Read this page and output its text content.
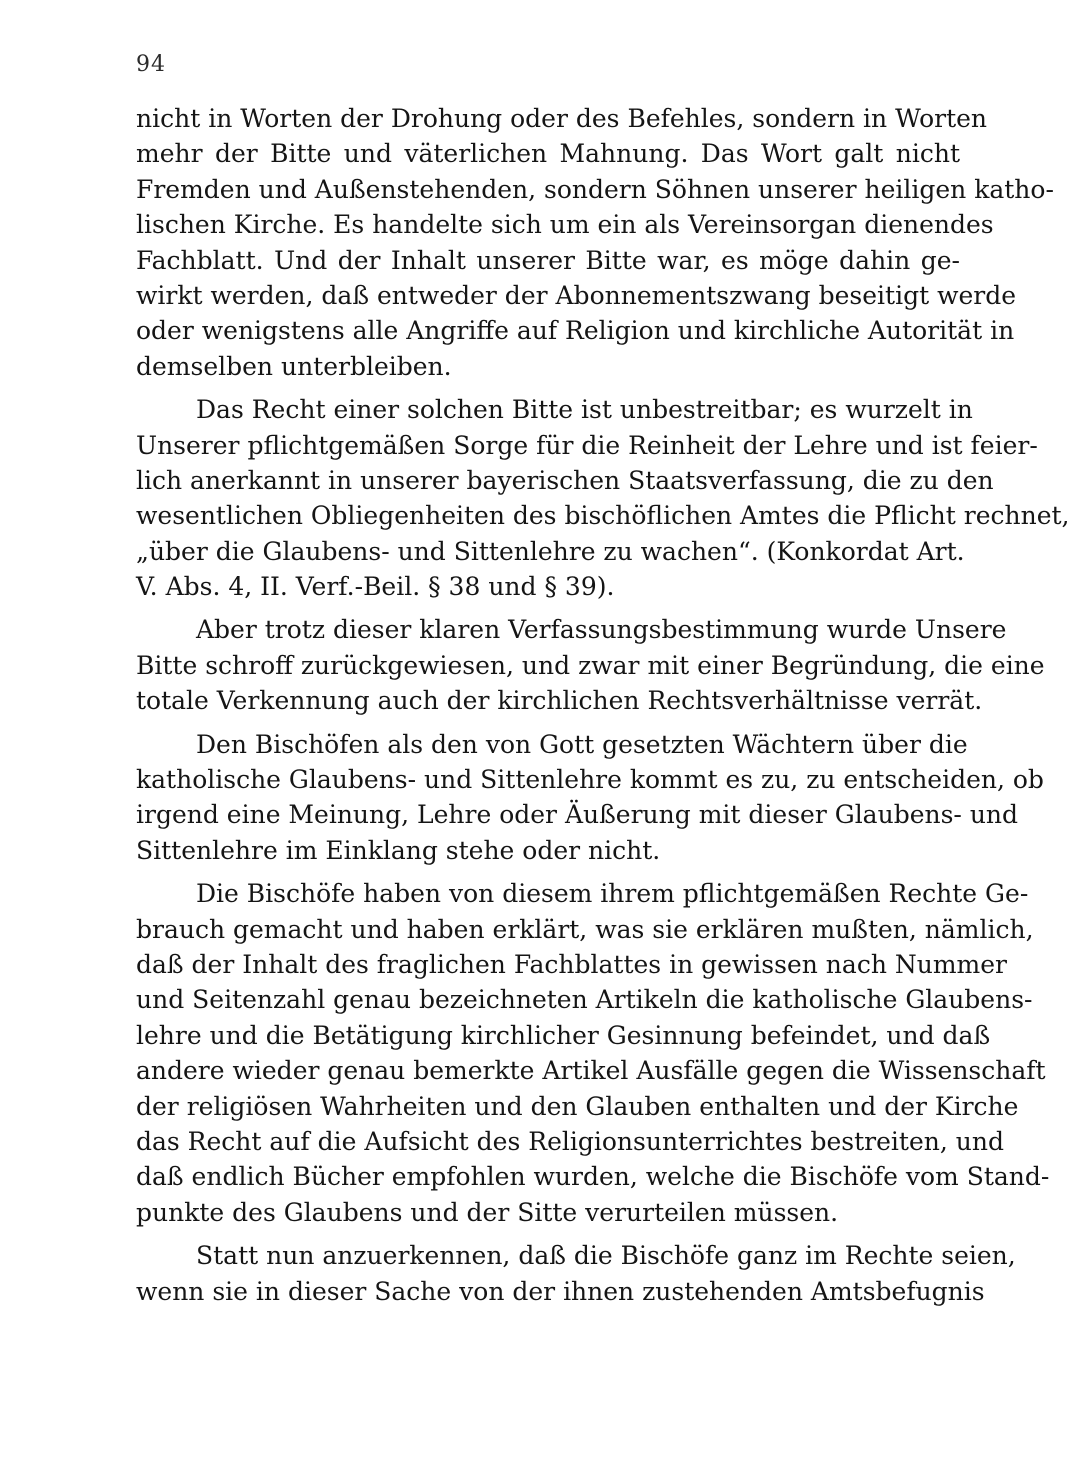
94
nicht in Worten der Drohung oder des Befehles, sondern in Worten
mehr der Bitte und väterlichen Mahnung. Das Wort galt nicht
Fremden und Außenstehenden, sondern Söhnen unserer heiligen katho-
lischen Kirche. Es handelte sich um ein als Vereinsorgan dienendes
Fachblatt. Und der Inhalt unserer Bitte war, es möge dahin ge-
wirkt werden, daß entweder der Abonnementszwang beseitigt werde
oder wenigstens alle Angriffe auf Religion und kirchliche Autorität in
demselben unterbleiben.
Das Recht einer solchen Bitte ist unbestreitbar; es wurzelt in
Unserer pflichtgemäßen Sorge für die Reinheit der Lehre und ist feier-
lich anerkannt in unserer bayerischen Staatsverfassung, die zu den
wesentlichen Obliegenheiten des bischöflichen Amtes die Pflicht rechnet,
„über die Glaubens- und Sittenlehre zu wachen“. (Konkordat Art.
V. Abs. 4, II. Verf.-Beil. § 38 und § 39).
Aber trotz dieser klaren Verfassungsbestimmung wurde Unsere
Bitte schroff zurückgewiesen, und zwar mit einer Begründung, die eine
totale Verkennung auch der kirchlichen Rechtsverhältnisse verrät.
Den Bischöfen als den von Gott gesetzten Wächtern über die
katholische Glaubens- und Sittenlehre kommt es zu, zu entscheiden, ob
irgend eine Meinung, Lehre oder Äußerung mit dieser Glaubens- und
Sittenlehre im Einklang stehe oder nicht.
Die Bischöfe haben von diesem ihrem pflichtgemäßen Rechte Ge-
brauch gemacht und haben erklärt, was sie erklären mußten, nämlich,
daß der Inhalt des fraglichen Fachblattes in gewissen nach Nummer
und Seitenzahl genau bezeichneten Artikeln die katholische Glaubens-
lehre und die Betätigung kirchlicher Gesinnung befeindet, und daß
andere wieder genau bemerkte Artikel Ausfälle gegen die Wissenschaft
der religiösen Wahrheiten und den Glauben enthalten und der Kirche
das Recht auf die Aufsicht des Religionsunterrichtes bestreiten, und
daß endlich Bücher empfohlen wurden, welche die Bischöfe vom Stand-
punkte des Glaubens und der Sitte verurteilen müssen.
Statt nun anzuerkennen, daß die Bischöfe ganz im Rechte seien,
wenn sie in dieser Sache von der ihnen zustehenden Amtsbefugnis
